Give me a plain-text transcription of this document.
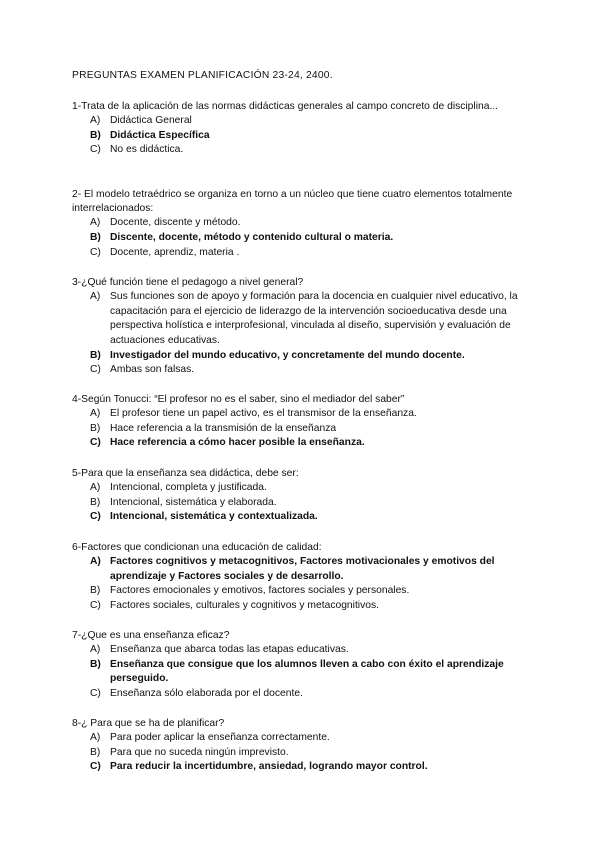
PREGUNTAS EXAMEN PLANIFICACIÓN 23-24, 2400.
1-Trata de la aplicación de las normas didácticas generales al campo concreto de disciplina...
A) Didáctica General
B) Didáctica Específica
C) No es didáctica.
2- El modelo tetraédrico se organiza en torno a un núcleo que tiene cuatro elementos totalmente interrelacionados:
A) Docente, discente y método.
B) Discente, docente, método y contenido cultural o materia.
C) Docente, aprendiz, materia .
3-¿Qué función tiene el pedagogo a nivel general?
A) Sus funciones son de apoyo y formación para la docencia en cualquier nivel educativo, la capacitación para el ejercicio de liderazgo de la intervención socioeducativa desde una perspectiva holística e interprofesional, vinculada al diseño, supervisión y evaluación de actuaciones educativas.
B) Investigador del mundo educativo, y concretamente del mundo docente.
C) Ambas son falsas.
4-Según Tonucci: “El profesor no es el saber, sino el mediador del saber”
A) El profesor tiene un papel activo, es el transmisor de la enseñanza.
B) Hace referencia a la transmisión de la enseñanza
C) Hace referencia a cómo hacer posible la enseñanza.
5-Para que la enseñanza sea didáctica, debe ser:
A) Intencional, completa y justificada.
B) Intencional, sistemática y elaborada.
C) Intencional, sistemática y contextualizada.
6-Factores que condicionan una educación de calidad:
A) Factores cognitivos y metacognitivos, Factores motivacionales y emotivos del aprendizaje y Factores sociales y de desarrollo.
B) Factores emocionales y emotivos, factores sociales y personales.
C) Factores sociales, culturales y cognitivos y metacognitivos.
7-¿Que es una enseñanza eficaz?
A) Enseñanza que abarca todas las etapas educativas.
B) Enseñanza que consigue que los alumnos lleven a cabo con éxito el aprendizaje perseguido.
C) Enseñanza sólo elaborada por el docente.
8-¿ Para que se ha de planificar?
A) Para poder aplicar la enseñanza correctamente.
B) Para que no suceda ningún imprevisto.
C) Para reducir la incertidumbre, ansiedad, logrando mayor control.
